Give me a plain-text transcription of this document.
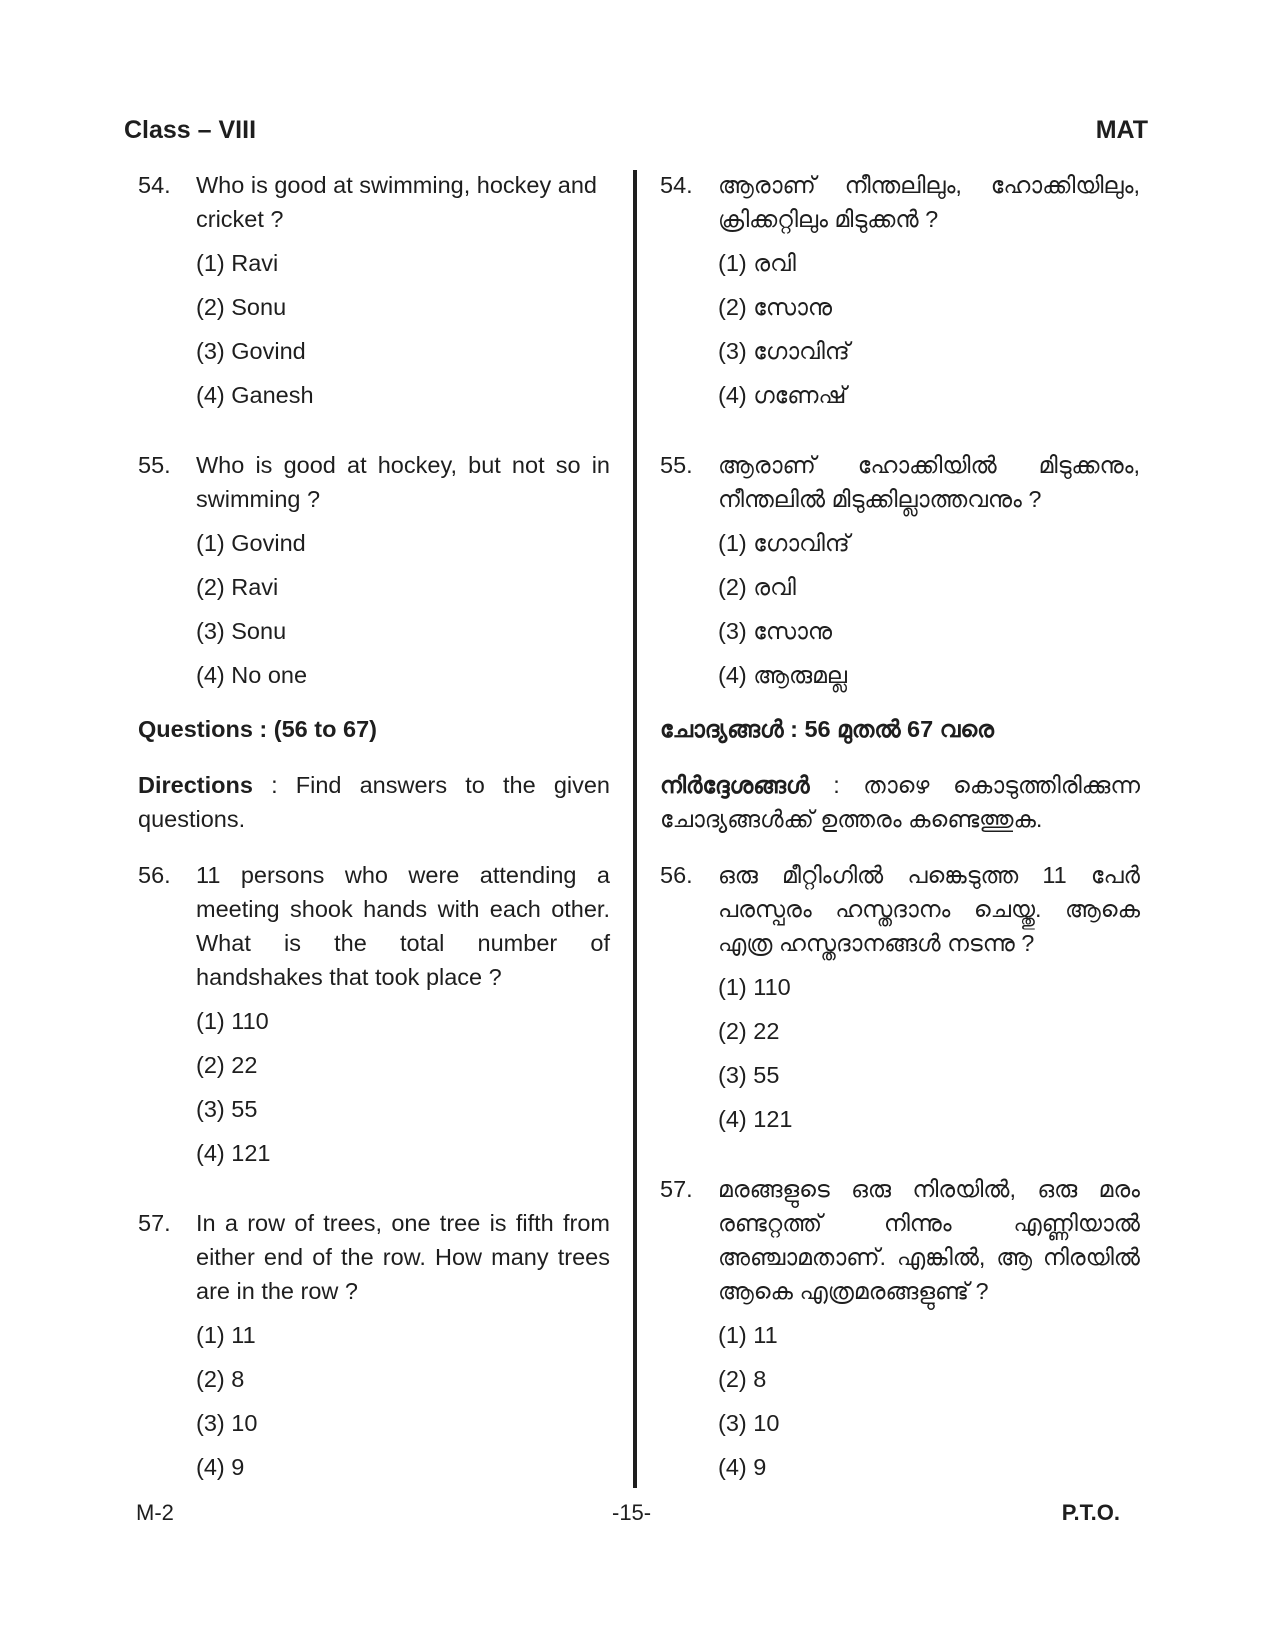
Class – VIII	MAT
54.	Who is good at swimming, hockey and cricket ?
(1) Ravi
(2) Sonu
(3) Govind
(4) Ganesh
55.	Who is good at hockey, but not so in swimming ?
(1) Govind
(2) Ravi
(3) Sonu
(4) No one
Questions : (56 to 67)
Directions : Find answers to the given questions.
56.	11 persons who were attending a meeting shook hands with each other. What is the total number of handshakes that took place ?
(1) 110
(2) 22
(3) 55
(4) 121
57.	In a row of trees, one tree is fifth from either end of the row. How many trees are in the row ?
(1) 11
(2) 8
(3) 10
(4) 9
54.	ആരാണ് നീന്തലിലും, ഹോക്കിയിലും, ക്രിക്കറ്റിലും മിടുക്കൻ ?
(1) രവി
(2) സോനു
(3) ഗോവിന്ദ്
(4) ഗണേഷ്
55.	ആരാണ് ഹോക്കിയിൽ മിടുക്കനും, നീന്തലിൽ മിടുക്കില്ലാത്തവനും ?
(1) ഗോവിന്ദ്
(2) രവി
(3) സോനു
(4) ആരുമല്ല
ചോദ്യങ്ങൾ : 56 മുതൽ 67 വരെ
നിർദ്ദേശങ്ങൾ : താഴെ കൊടുത്തിരിക്കുന്ന ചോദ്യങ്ങൾക്ക് ഉത്തരം കണ്ടെത്തുക.
56.	ഒരു മീറ്റിംഗിൽ പങ്കെടുത്ത 11 പേർ പരസ്പരം ഹസ്തദാനം ചെയ്തു. ആകെ എത്ര ഹസ്തദാനങ്ങൾ നടന്നു ?
(1) 110
(2) 22
(3) 55
(4) 121
57.	മരങ്ങളുടെ ഒരു നിരയിൽ, ഒരു മരം രണ്ടറ്റത്ത് നിന്നും എണ്ണിയാൽ അഞ്ചാമതാണ്. എങ്കിൽ, ആ നിരയിൽ ആകെ എത്രമരങ്ങളുണ്ട് ?
(1) 11
(2) 8
(3) 10
(4) 9
M-2	-15-	P.T.O.
